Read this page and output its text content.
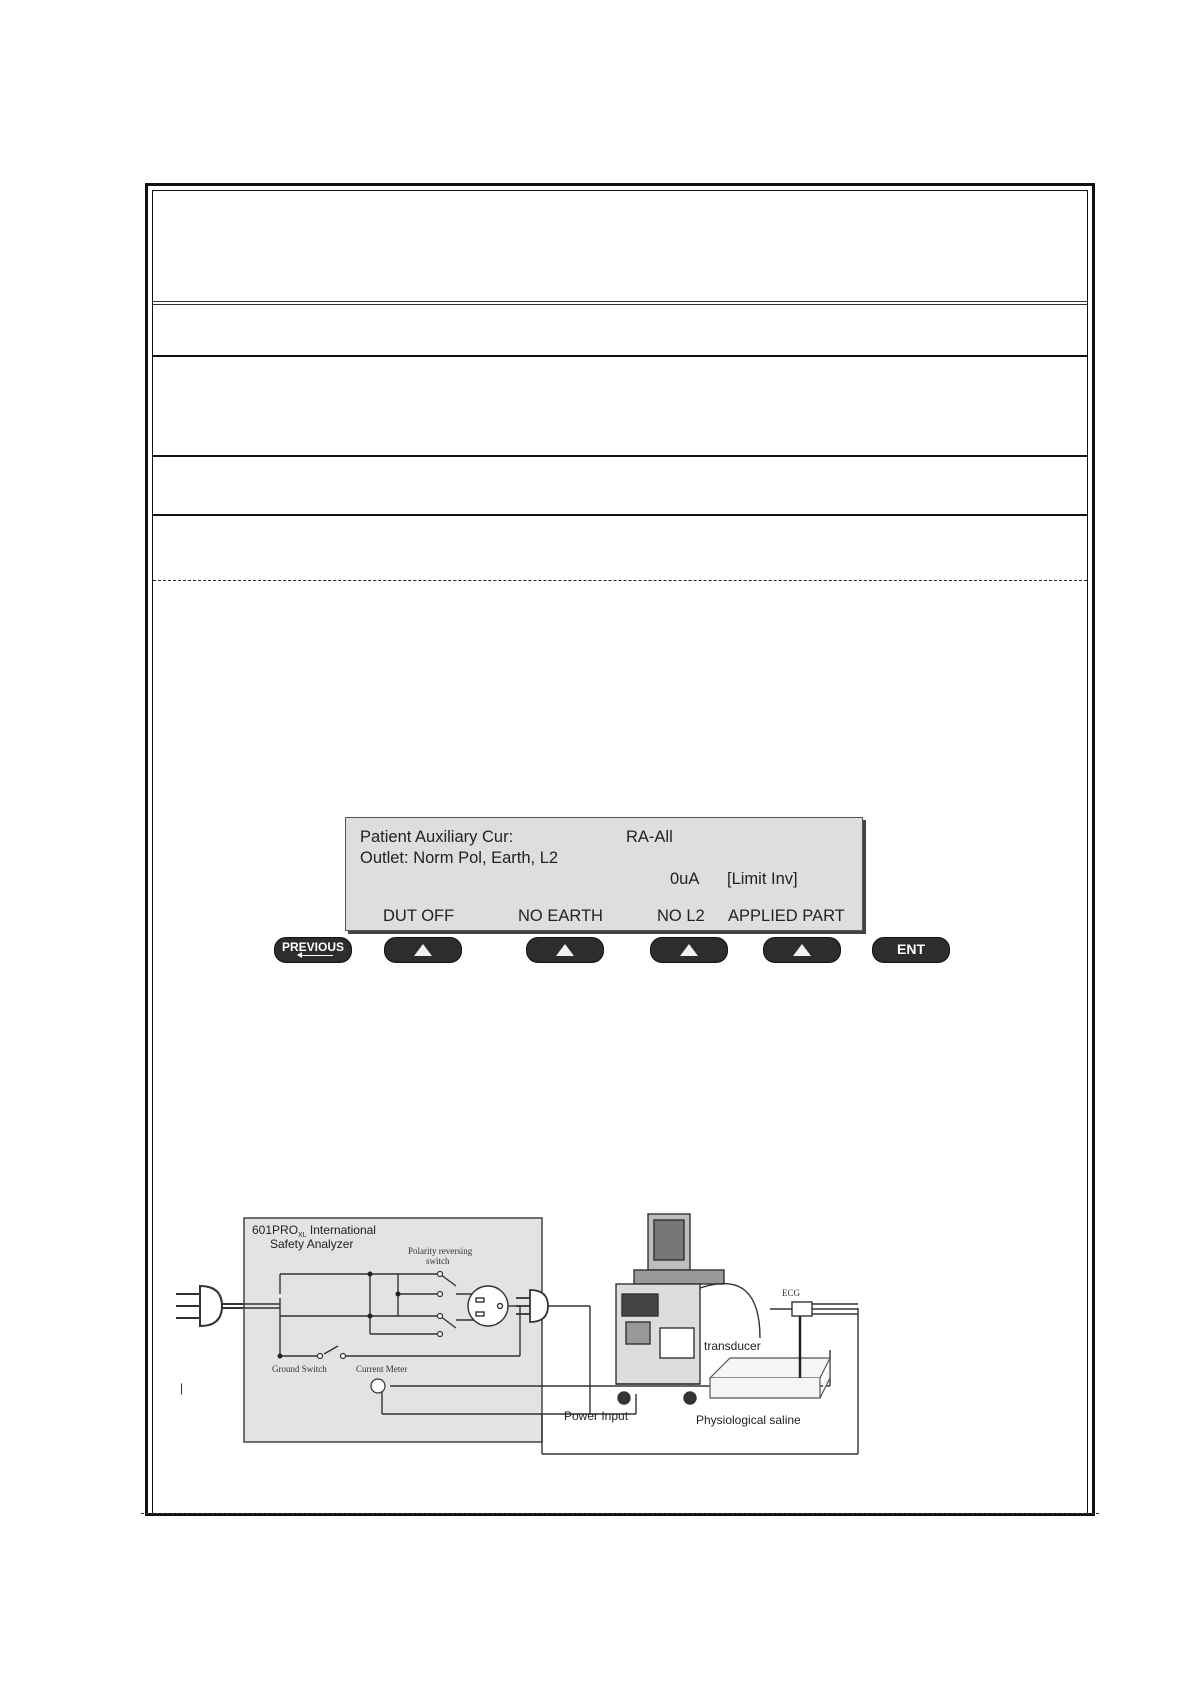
Patient Auxiliary Cur:	RA-All
Outlet: Norm Pol, Earth, L2
0uA [Limit Inv]
DUT OFF	NO EARTH	NO L2 APPLIED PART
PREVIOUS	ENT
|
$601PRO_{XL}$ International
Safety Analyzer	Polarity reversing
switch
Ground Switch	Current Meter
Power Input
transducer
Physiological saline
ECG
